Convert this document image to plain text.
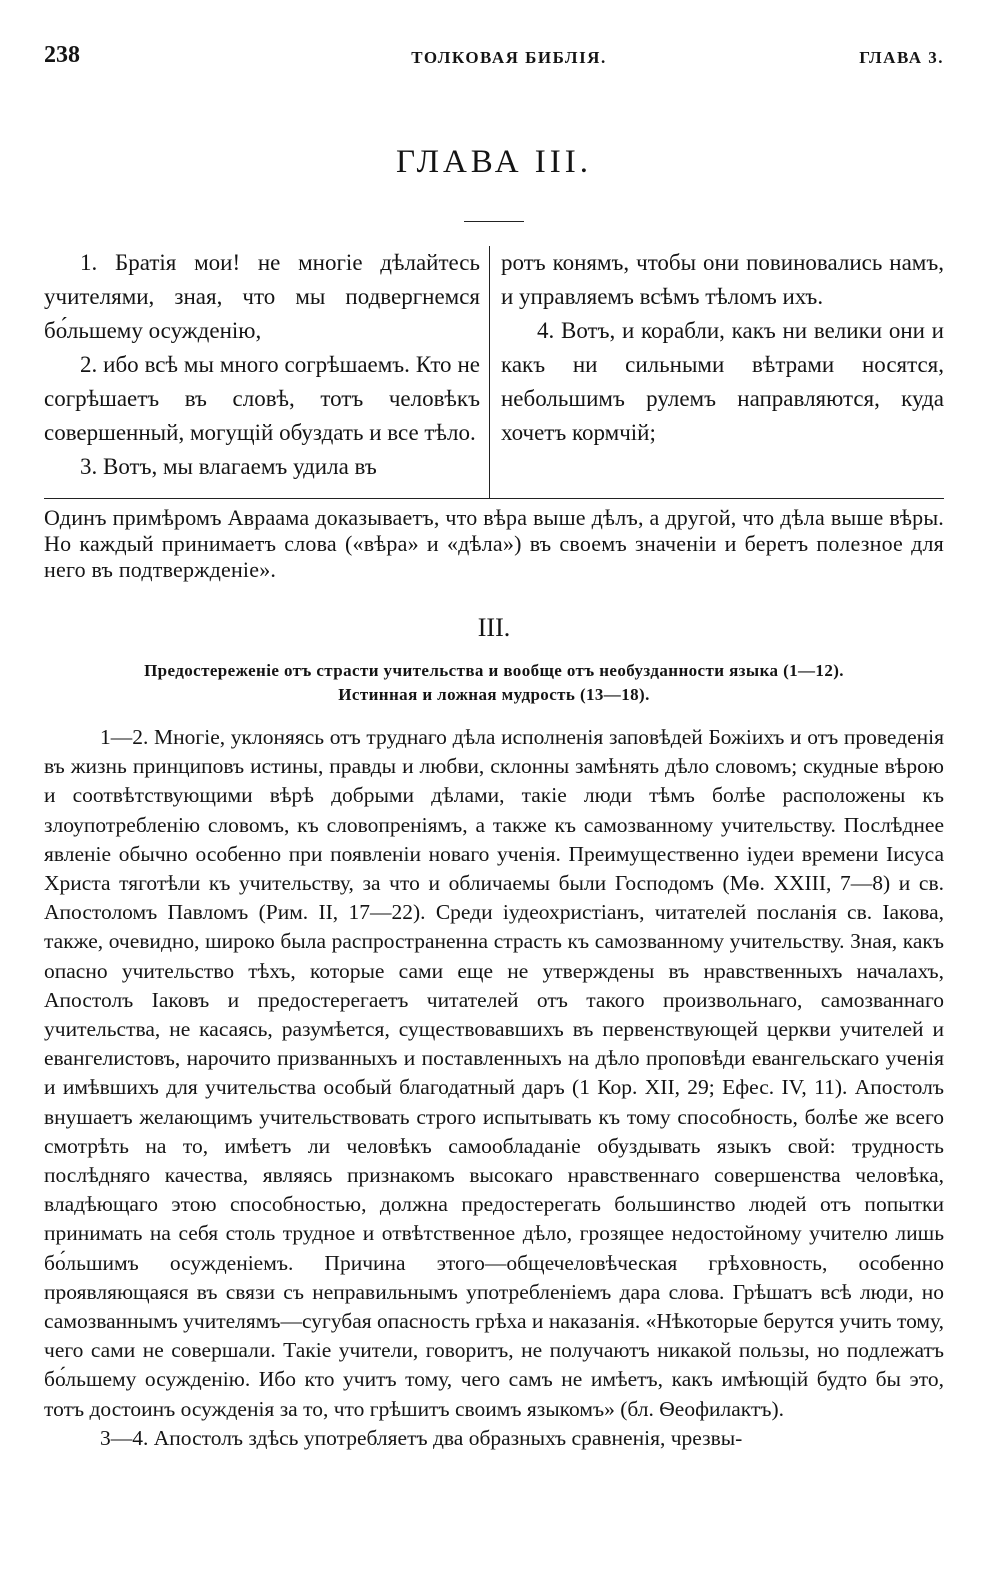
238	ТОЛКОВАЯ БИБЛІЯ.	ГЛАВА 3.
ГЛАВА III.

1. Братія мои! не многіе дѣлайтесь учителями, зная, что мы подвергнемся бо́льшему осужденію,

2. ибо всѣ мы много согрѣшаемъ. Кто не согрѣшаетъ въ словѣ, тотъ человѣкъ совершенный, могущій обуздать и все тѣло.

3. Вотъ, мы влагаемъ удила въ

ротъ конямъ, чтобы они повиновались намъ, и управляемъ всѣмъ тѣломъ ихъ.

4. Вотъ, и корабли, какъ ни велики они и какъ ни сильными вѣтрами носятся, небольшимъ рулемъ направляются, куда хочетъ кормчій;

Одинъ примѣромъ Авраама доказываетъ, что вѣра выше дѣлъ, а другой, что дѣла выше вѣры. Но каждый принимаетъ слова («вѣра» и «дѣла») въ своемъ значеніи и беретъ полезное для него въ подтвержденіе».
III.
Предостереженіе отъ страсти учительства и вообще отъ необузданности языка (1—12).
Истинная и ложная мудрость (13—18).

1—2. Многіе, уклоняясь отъ труднаго дѣла исполненія заповѣдей Божіихъ и отъ проведенія въ жизнь принциповъ истины, правды и любви, склонны замѣнять дѣло словомъ; скудные вѣрою и соотвѣтствующими вѣрѣ добрыми дѣлами, такіе люди тѣмъ болѣе расположены къ злоупотребленію словомъ, къ словопреніямъ, а также къ самозванному учительству. Послѣднее явленіе обычно особенно при появленіи новаго ученія. Преимущественно іудеи времени Іисуса Христа тяготѣли къ учительству, за что и обличаемы были Господомъ (Мѳ. XXIII, 7—8) и св. Апостоломъ Павломъ (Рим. II, 17—22). Среди іудеохристіанъ, читателей посланія св. Іакова, также, очевидно, широко была распространенна страсть къ самозванному учительству. Зная, какъ опасно учительство тѣхъ, которые сами еще не утверждены въ нравственныхъ началахъ, Апостолъ Іаковъ и предостерегаетъ читателей отъ такого произвольнаго, самозваннаго учительства, не касаясь, разумѣется, существовавшихъ въ первенствующей церкви учителей и евангелистовъ, нарочито призванныхъ и поставленныхъ на дѣло проповѣди евангельскаго ученія и имѣвшихъ для учительства особый благодатный даръ (1 Кор. XII, 29; Ефес. IV, 11). Апостолъ внушаетъ желающимъ учительствовать строго испытывать къ тому способность, болѣе же всего смотрѣть на то, имѣетъ ли человѣкъ самообладаніе обуздывать языкъ свой: трудность послѣдняго качества, являясь признакомъ высокаго нравственнаго совершенства человѣка, владѣющаго этою способностью, должна предостерегать большинство людей отъ попытки принимать на себя столь трудное и отвѣтственное дѣло, грозящее недостойному учителю лишь бо́льшимъ осужденіемъ. Причина этого—общечеловѣческая грѣховность, особенно проявляющаяся въ связи съ неправильнымъ употребленіемъ дара слова. Грѣшатъ всѣ люди, но самозваннымъ учителямъ—сугубая опасность грѣха и наказанія. «Нѣкоторые берутся учить тому, чего сами не совершали. Такіе учители, говоритъ, не получаютъ никакой пользы, но подлежатъ бо́льшему осужденію. Ибо кто учитъ тому, чего самъ не имѣетъ, какъ имѣющій будто бы это, тотъ достоинъ осужденія за то, что грѣшитъ своимъ языкомъ» (бл. Ѳеофилактъ).

3—4. Апостолъ здѣсь употребляетъ два образныхъ сравненія, чрезвы-
